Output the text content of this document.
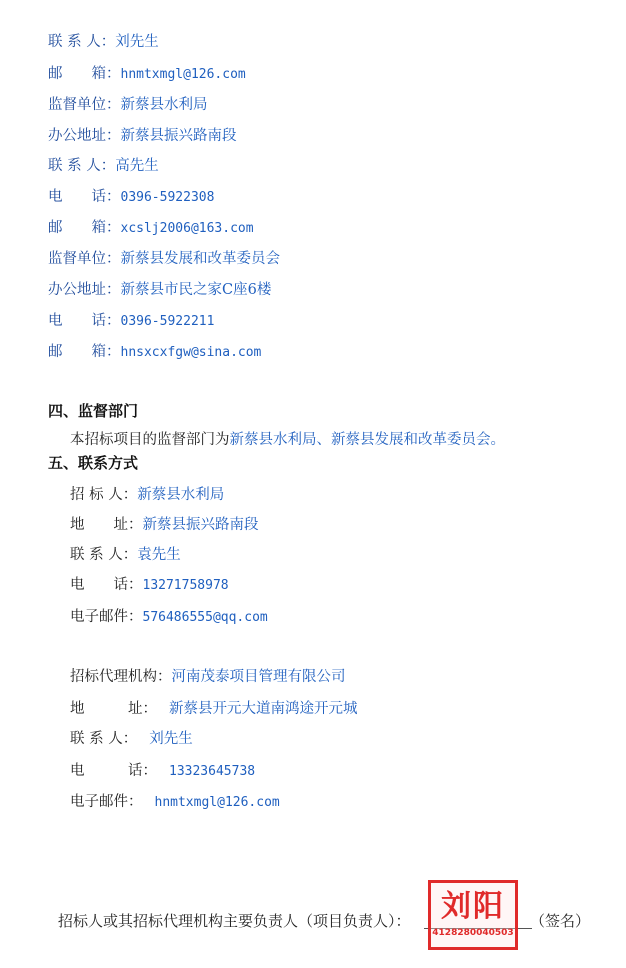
联 系 人：刘先生
邮　　箱：hnmtxmgl@126.com
监督单位：新蔡县水利局
办公地址：新蔡县振兴路南段
联 系 人：高先生
电　　话：0396-5922308
邮　　箱：xcslj2006@163.com
监督单位：新蔡县发展和改革委员会
办公地址：新蔡县市民之家C座6楼
电　　话：0396-5922211
邮　　箱：hnsxcxfgw@sina.com
四、监督部门
本招标项目的监督部门为新蔡县水利局、新蔡县发展和改革委员会。
五、联系方式
招 标 人：新蔡县水利局
地　　址：新蔡县振兴路南段
联 系 人：袁先生
电　　话：13271758978
电子邮件：576486555@qq.com
招标代理机构：河南茂泰项目管理有限公司
地　　　址： 新蔡县开元大道南鸿途开元城
联 系 人： 刘先生
电　　　话： 13323645738
电子邮件： hnmtxmgl@126.com
招标人或其招标代理机构主要负责人（项目负责人）：	刘阳
4128280040503
（签名）
